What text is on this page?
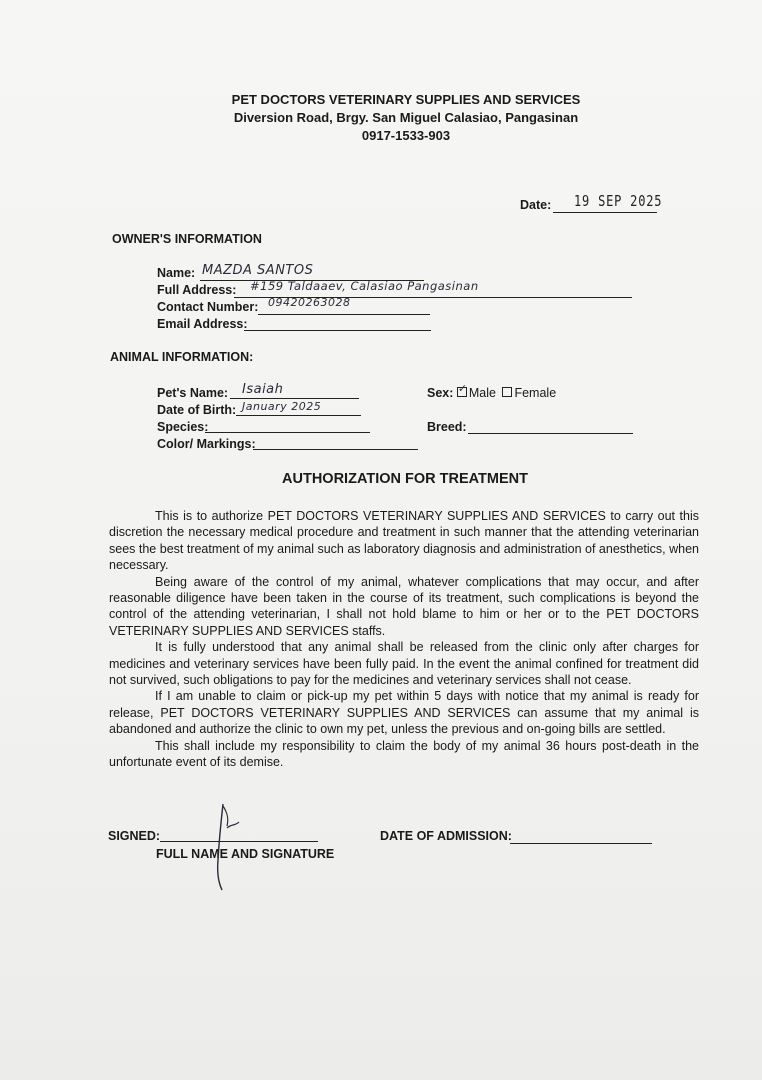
PET DOCTORS VETERINARY SUPPLIES AND SERVICES
Diversion Road, Brgy. San Miguel Calasiao, Pangasinan
0917-1533-903
Date: 19 SEP 2025
OWNER'S INFORMATION
Name: MAZDA SANTOS
Full Address: #159 Taldaaev, Calasiao Pangasinan
Contact Number: 09420263028
Email Address:
ANIMAL INFORMATION:
Pet's Name: Isaiah
Date of Birth: January 2025
Species:
Color/ Markings:
Sex: ✓ Male Female
Breed:
AUTHORIZATION FOR TREATMENT

This is to authorize PET DOCTORS VETERINARY SUPPLIES AND SERVICES to carry out this discretion the necessary medical procedure and treatment in such manner that the attending veterinarian sees the best treatment of my animal such as laboratory diagnosis and administration of anesthetics, when necessary.

Being aware of the control of my animal, whatever complications that may occur, and after reasonable diligence have been taken in the course of its treatment, such complications is beyond the control of the attending veterinarian, I shall not hold blame to him or her or to the PET DOCTORS VETERINARY SUPPLIES AND SERVICES staffs.

It is fully understood that any animal shall be released from the clinic only after charges for medicines and veterinary services have been fully paid. In the event the animal confined for treatment did not survived, such obligations to pay for the medicines and veterinary services shall not cease.

If I am unable to claim or pick-up my pet within 5 days with notice that my animal is ready for release, PET DOCTORS VETERINARY SUPPLIES AND SERVICES can assume that my animal is abandoned and authorize the clinic to own my pet, unless the previous and on-going bills are settled.

This shall include my responsibility to claim the body of my animal 36 hours post-death in the unfortunate event of its demise.

SIGNED:
FULL NAME AND SIGNATURE
DATE OF ADMISSION:
